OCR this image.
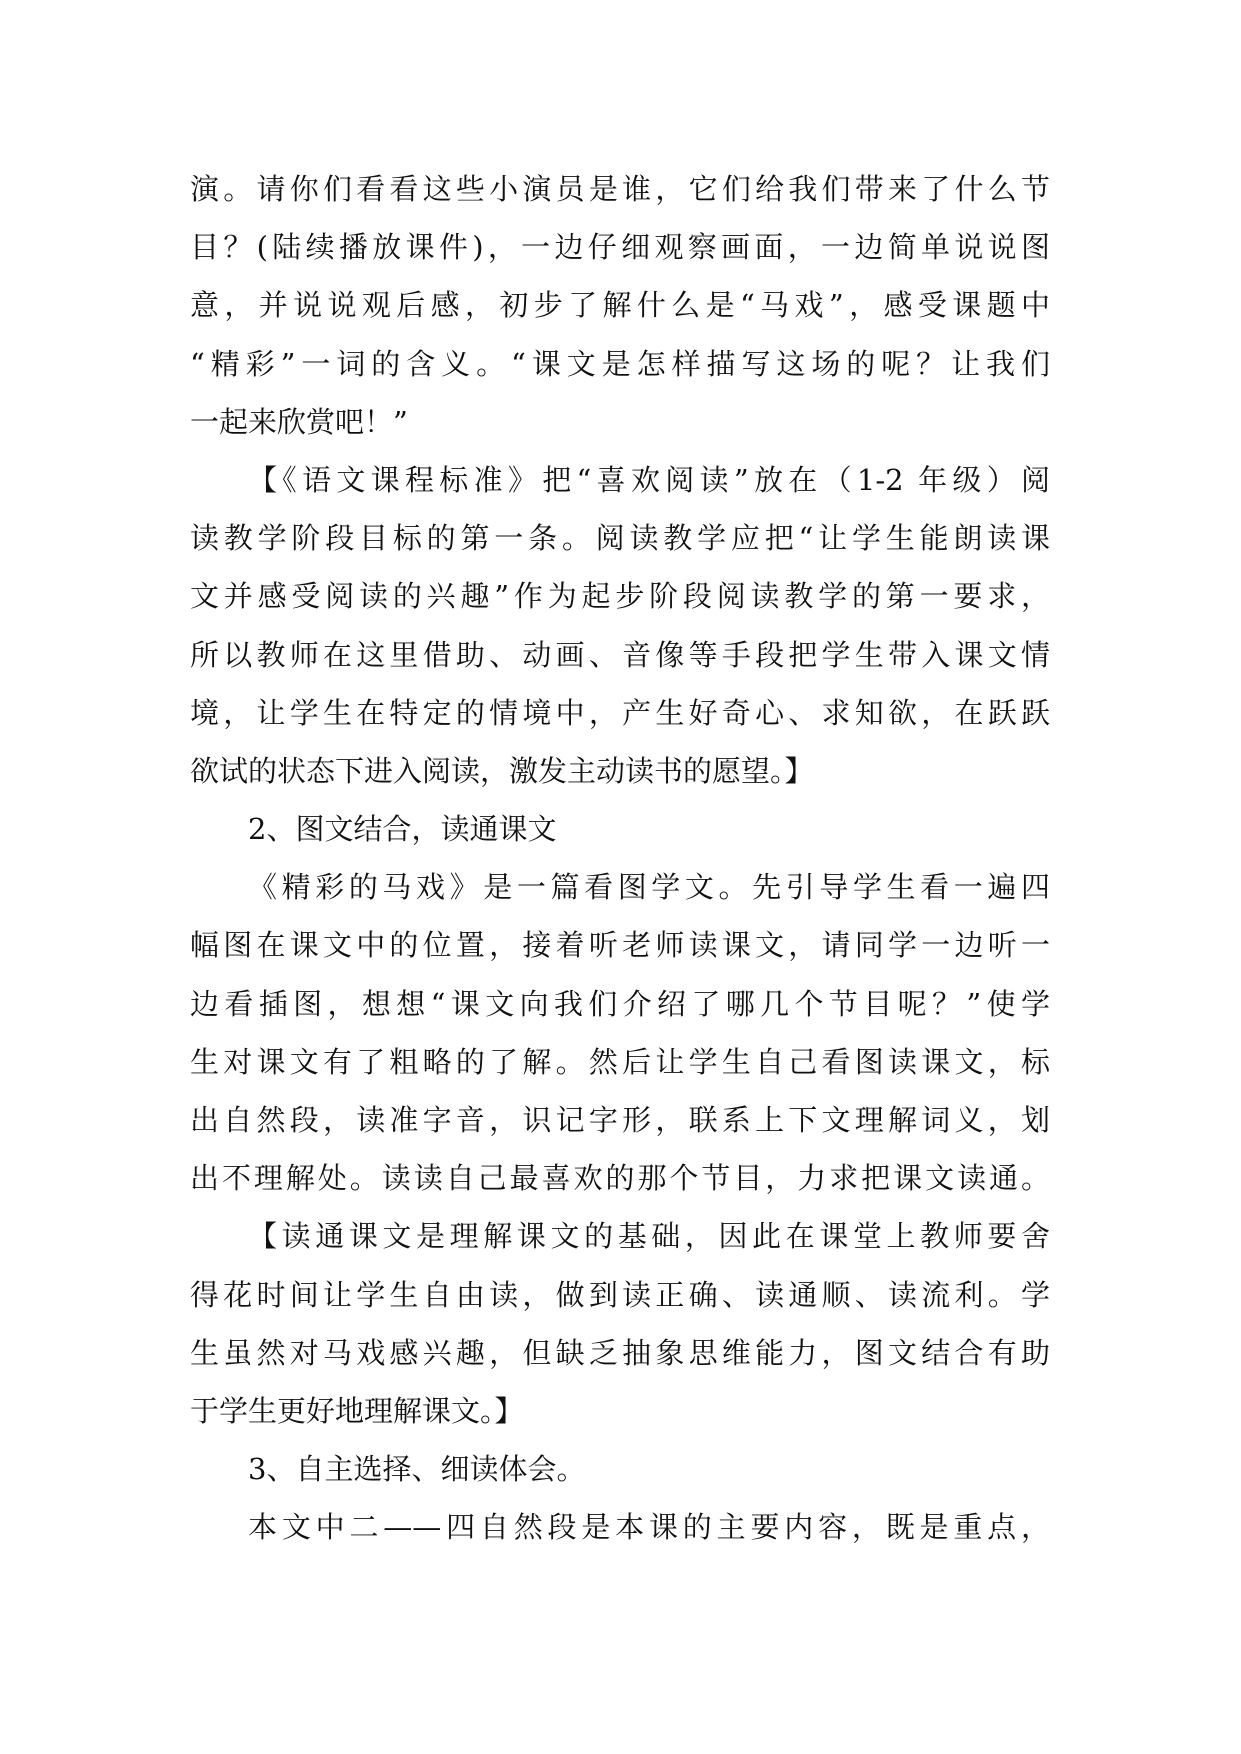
演。请你们看看这些小演员是谁，它们给我们带来了什么节
目？(陆续播放课件)，一边仔细观察画面，一边简单说说图
意，并说说观后感，初步了解什么是“马戏”，感受课题中
“精彩”一词的含义。“课文是怎样描写这场的呢？让我们
一起来欣赏吧！”
【《语文课程标准》把“喜欢阅读”放在（1-2 年级）阅
读教学阶段目标的第一条。阅读教学应把“让学生能朗读课
文并感受阅读的兴趣”作为起步阶段阅读教学的第一要求，
所以教师在这里借助、动画、音像等手段把学生带入课文情
境，让学生在特定的情境中，产生好奇心、求知欲，在跃跃
欲试的状态下进入阅读，激发主动读书的愿望。】
2、图文结合，读通课文
《精彩的马戏》是一篇看图学文。先引导学生看一遍四
幅图在课文中的位置，接着听老师读课文，请同学一边听一
边看插图，想想“课文向我们介绍了哪几个节目呢？”使学
生对课文有了粗略的了解。然后让学生自己看图读课文，标
出自然段，读准字音，识记字形，联系上下文理解词义，划
出不理解处。读读自己最喜欢的那个节目，力求把课文读通。
【读通课文是理解课文的基础，因此在课堂上教师要舍
得花时间让学生自由读，做到读正确、读通顺、读流利。学
生虽然对马戏感兴趣，但缺乏抽象思维能力，图文结合有助
于学生更好地理解课文。】
3、自主选择、细读体会。
本文中二——四自然段是本课的主要内容，既是重点，
